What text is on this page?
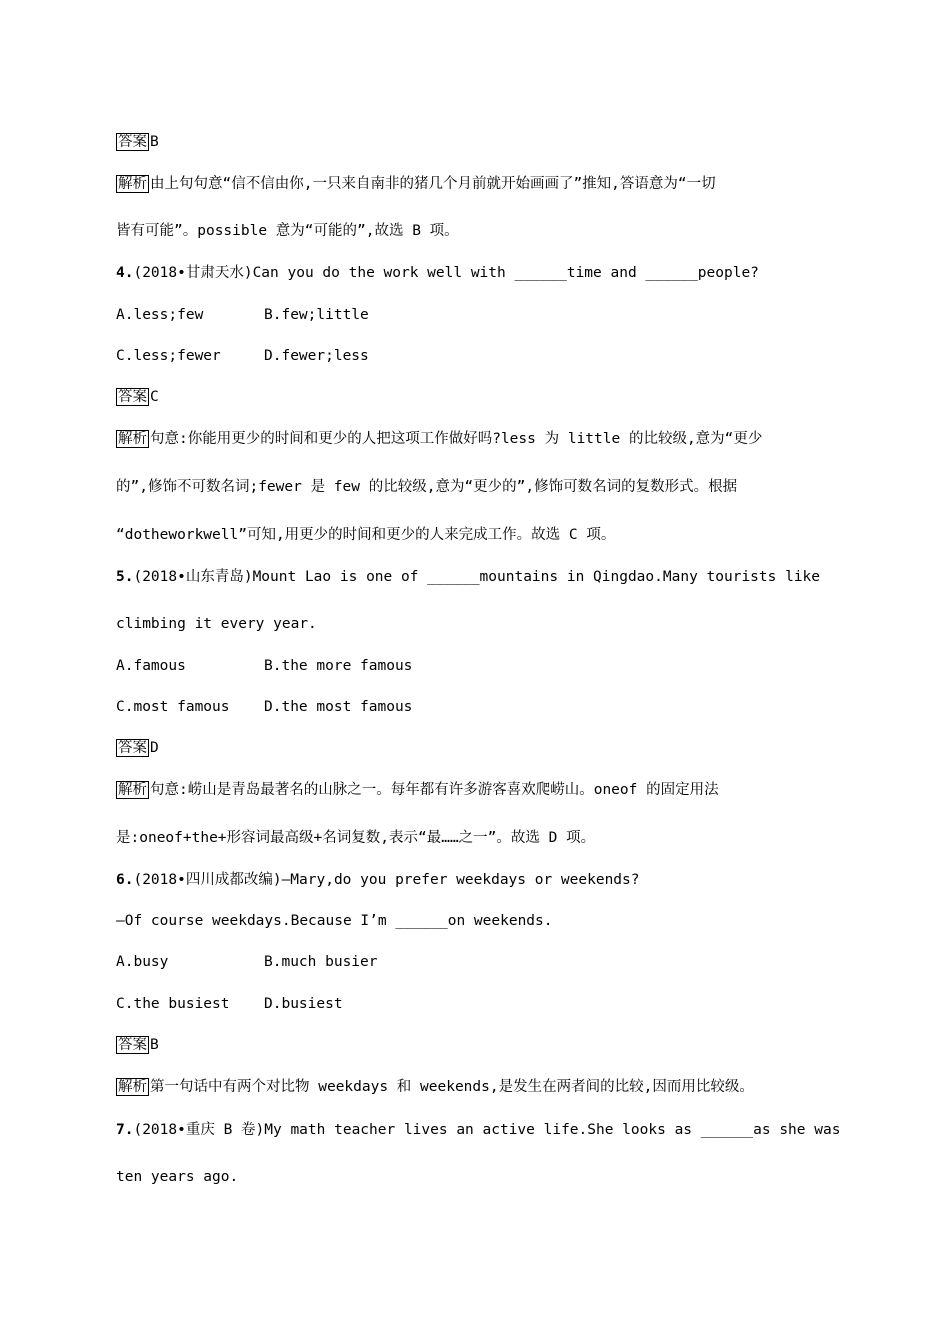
答案 B
解析 由上句句意“信不信由你,一只来自南非的猪几个月前就开始画画了”推知,答语意为“一切
皆有可能”。possible 意为“可能的”,故选 B 项。
4.(2018•甘肃天水)Can you do the work well with ______time and ______people?
A.less;few	B.few;little
C.less;fewer	D.fewer;less
答案 C
解析 句意:你能用更少的时间和更少的人把这项工作做好吗?less 为 little 的比较级,意为“更少
的”,修饰不可数名词;fewer 是 few 的比较级,意为“更少的”,修饰可数名词的复数形式。根据
“dotheworkwell”可知,用更少的时间和更少的人来完成工作。故选 C 项。
5.(2018•山东青岛)Mount Lao is one of ______mountains in Qingdao.Many tourists like
climbing it every year.
A.famous	B.the more famous
C.most famous D.the most famous
答案 D
解析 句意:崂山是青岛最著名的山脉之一。每年都有许多游客喜欢爬崂山。oneof 的固定用法
是:oneof+the+形容词最高级+名词复数,表示“最……之一”。故选 D 项。
6.(2018•四川成都改编)—Mary,do you prefer weekdays or weekends?
—Of course weekdays.Because I’m ______on weekends.
A.busy	B.much busier
C.the busiest D.busiest
答案 B
解析 第一句话中有两个对比物 weekdays 和 weekends,是发生在两者间的比较,因而用比较级。
7.(2018•重庆 B 卷)My math teacher lives an active life.She looks as ______as she was
ten years ago.
